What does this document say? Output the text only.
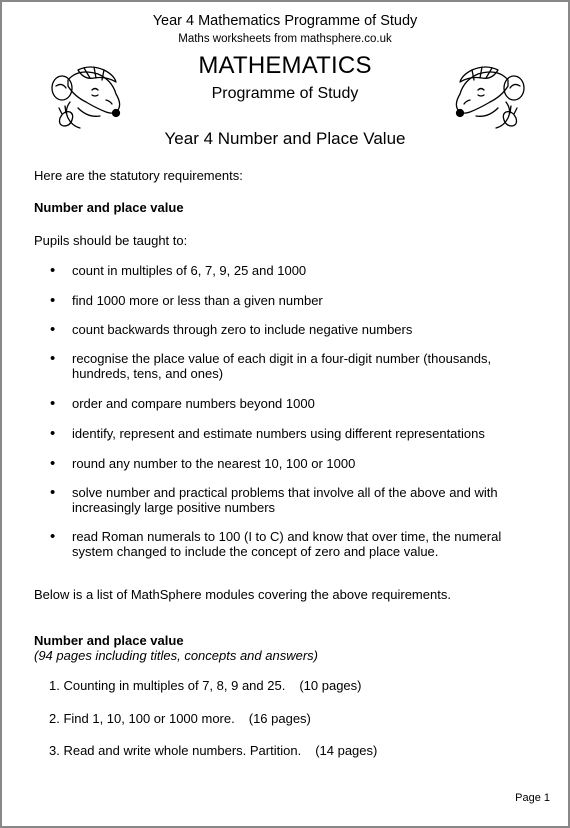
Year 4 Mathematics Programme of Study
Maths worksheets from mathsphere.co.uk
MATHEMATICS
Programme of Study
Year 4 Number and Place Value
Here are the statutory requirements:
Number and place value
Pupils should be taught to:
• count in multiples of 6, 7, 9, 25 and 1000
• find 1000 more or less than a given number
• count backwards through zero to include negative numbers
• recognise the place value of each digit in a four-digit number (thousands, hundreds, tens, and ones)
• order and compare numbers beyond 1000
• identify, represent and estimate numbers using different representations
• round any number to the nearest 10, 100 or 1000
• solve number and practical problems that involve all of the above and with increasingly large positive numbers
• read Roman numerals to 100 (I to C) and know that over time, the numeral system changed to include the concept of zero and place value.
Below is a list of MathSphere modules covering the above requirements.
Number and place value
(94 pages including titles, concepts and answers)
1. Counting in multiples of 7, 8, 9 and 25. (10 pages)
2. Find 1, 10, 100 or 1000 more. (16 pages)
3. Read and write whole numbers. Partition. (14 pages)
Page 1
